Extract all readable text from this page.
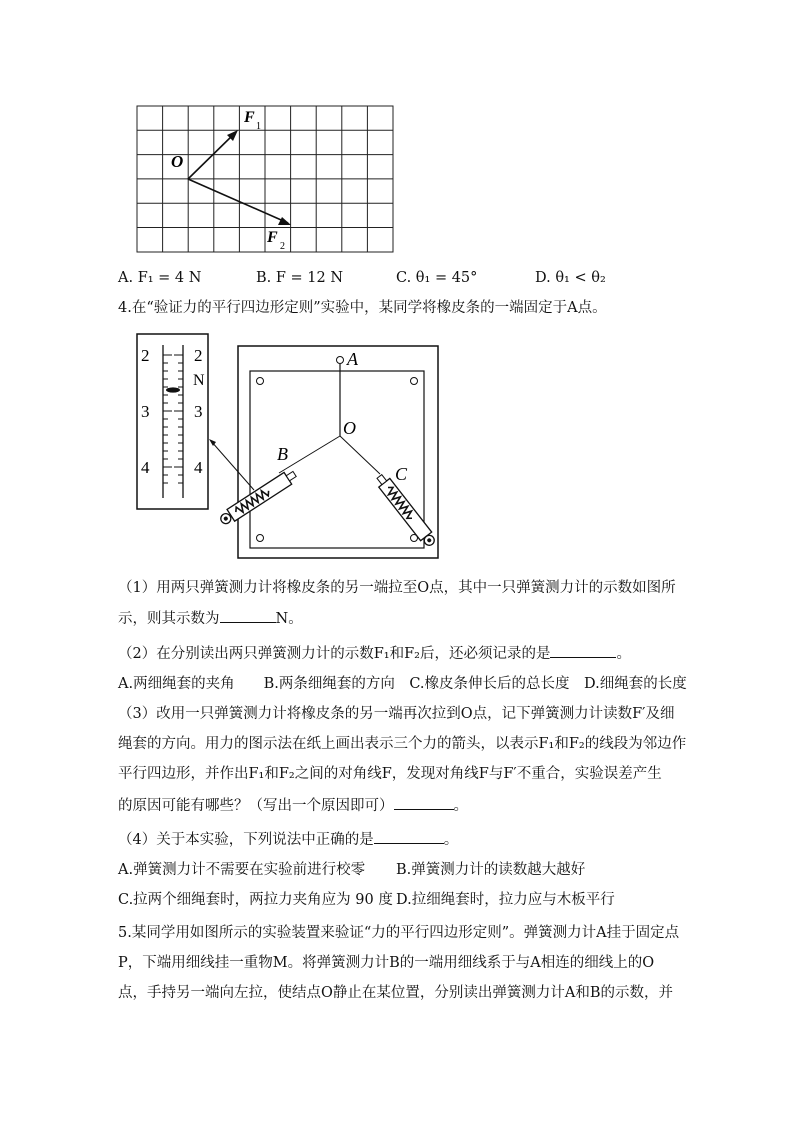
O
F
1
F
2
A. F₁ = 4 N	B. F = 12 N	C. θ₁ = 45°	D. θ₁ < θ₂
4.在“验证力的平行四边形定则”实验中，某同学将橡皮条的一端固定于A点。
2	2
N
3	3
4	4
A
O
B
C
（1）用两只弹簧测力计将橡皮条的另一端拉至O点，其中一只弹簧测力计的示数如图所
示，则其示数为	N。
（2）在分别读出两只弹簧测力计的示数F₁和F₂后，还必须记录的是	。
A.两细绳套的夹角　　B.两条细绳套的方向　C.橡皮条伸长后的总长度　D.细绳套的长度
（3）改用一只弹簧测力计将橡皮条的另一端再次拉到O点，记下弹簧测力计读数F′及细
绳套的方向。用力的图示法在纸上画出表示三个力的箭头，以表示F₁和F₂的线段为邻边作
平行四边形，并作出F₁和F₂之间的对角线F，发现对角线F与F′不重合，实验误差产生
的原因可能有哪些？（写出一个原因即可）	。
（4）关于本实验，下列说法中正确的是	。
A.弹簧测力计不需要在实验前进行校零 B.弹簧测力计的读数越大越好
C.拉两个细绳套时，两拉力夹角应为 90 度 D.拉细绳套时，拉力应与木板平行
5.某同学用如图所示的实验装置来验证“力的平行四边形定则”。弹簧测力计A挂于固定点
P，下端用细线挂一重物M。将弹簧测力计B的一端用细线系于与A相连的细线上的O
点，手持另一端向左拉，使结点O静止在某位置，分别读出弹簧测力计A和B的示数，并
